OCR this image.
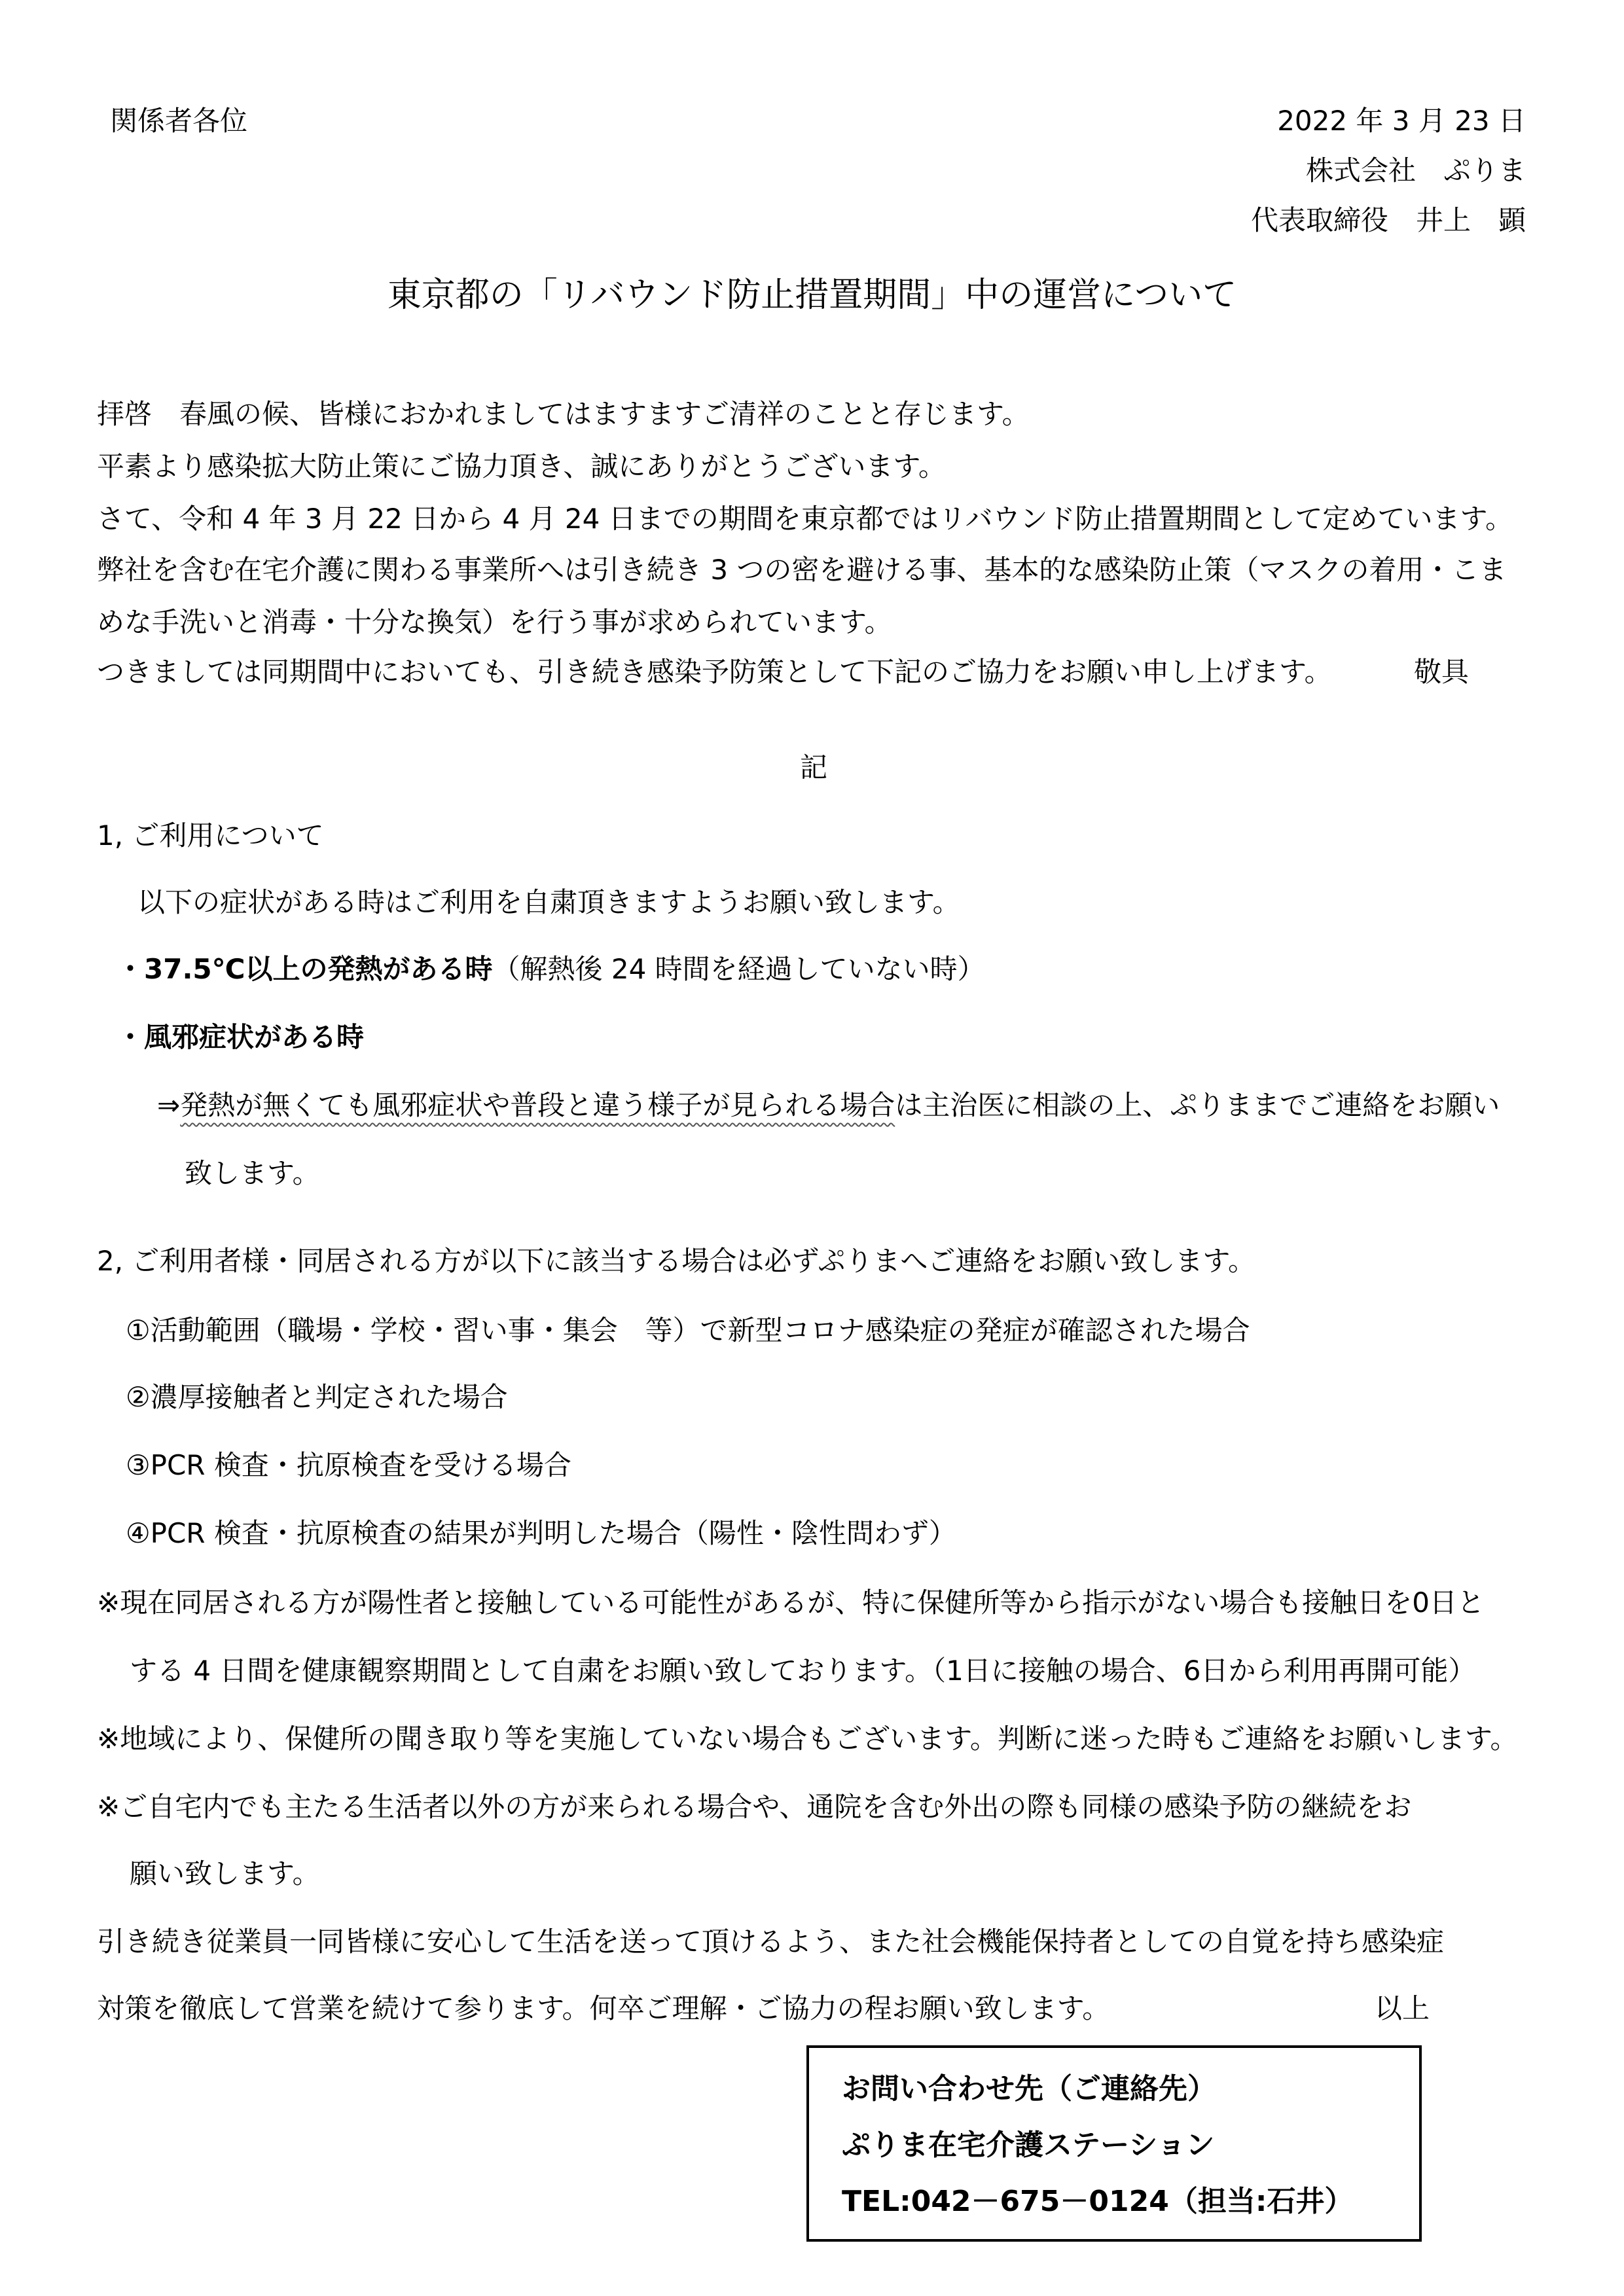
関係者各位	2022 年 3 月 23 日
株式会社　ぷりま
代表取締役　井上　顕
東京都の「リバウンド防止措置期間」中の運営について
拝啓　春風の候、皆様におかれましてはますますご清祥のことと存じます。
平素より感染拡大防止策にご協力頂き、誠にありがとうございます。
さて、令和 4 年 3 月 22 日から 4 月 24 日までの期間を東京都ではリバウンド防止措置期間として定めています。
弊社を含む在宅介護に関わる事業所へは引き続き 3 つの密を避ける事、基本的な感染防止策（マスクの着用・こま
めな手洗いと消毒・十分な換気）を行う事が求められています。
つきましては同期間中においても、引き続き感染予防策として下記のご協力をお願い申し上げます。	敬具
記
1, ご利用について
以下の症状がある時はご利用を自粛頂きますようお願い致します。
・37.5℃以上の発熱がある時（解熱後 24 時間を経過していない時）
・風邪症状がある時
⇒発熱が無くても風邪症状や普段と違う様子が見られる場合は主治医に相談の上、ぷりままでご連絡をお願い
致します。
2, ご利用者様・同居される方が以下に該当する場合は必ずぷりまへご連絡をお願い致します。
①活動範囲（職場・学校・習い事・集会　等）で新型コロナ感染症の発症が確認された場合
②濃厚接触者と判定された場合
③PCR 検査・抗原検査を受ける場合
④PCR 検査・抗原検査の結果が判明した場合（陽性・陰性問わず）
※現在同居される方が陽性者と接触している可能性があるが、特に保健所等から指示がない場合も接触日を0日と
する 4 日間を健康観察期間として自粛をお願い致しております。（1日に接触の場合、6日から利用再開可能）
※地域により、保健所の聞き取り等を実施していない場合もございます。判断に迷った時もご連絡をお願いします。
※ご自宅内でも主たる生活者以外の方が来られる場合や、通院を含む外出の際も同様の感染予防の継続をお
願い致します。
引き続き従業員一同皆様に安心して生活を送って頂けるよう、また社会機能保持者としての自覚を持ち感染症
対策を徹底して営業を続けて参ります。何卒ご理解・ご協力の程お願い致します。	以上
お問い合わせ先（ご連絡先）
ぷりま在宅介護ステーション
TEL:042－675－0124（担当:石井）
